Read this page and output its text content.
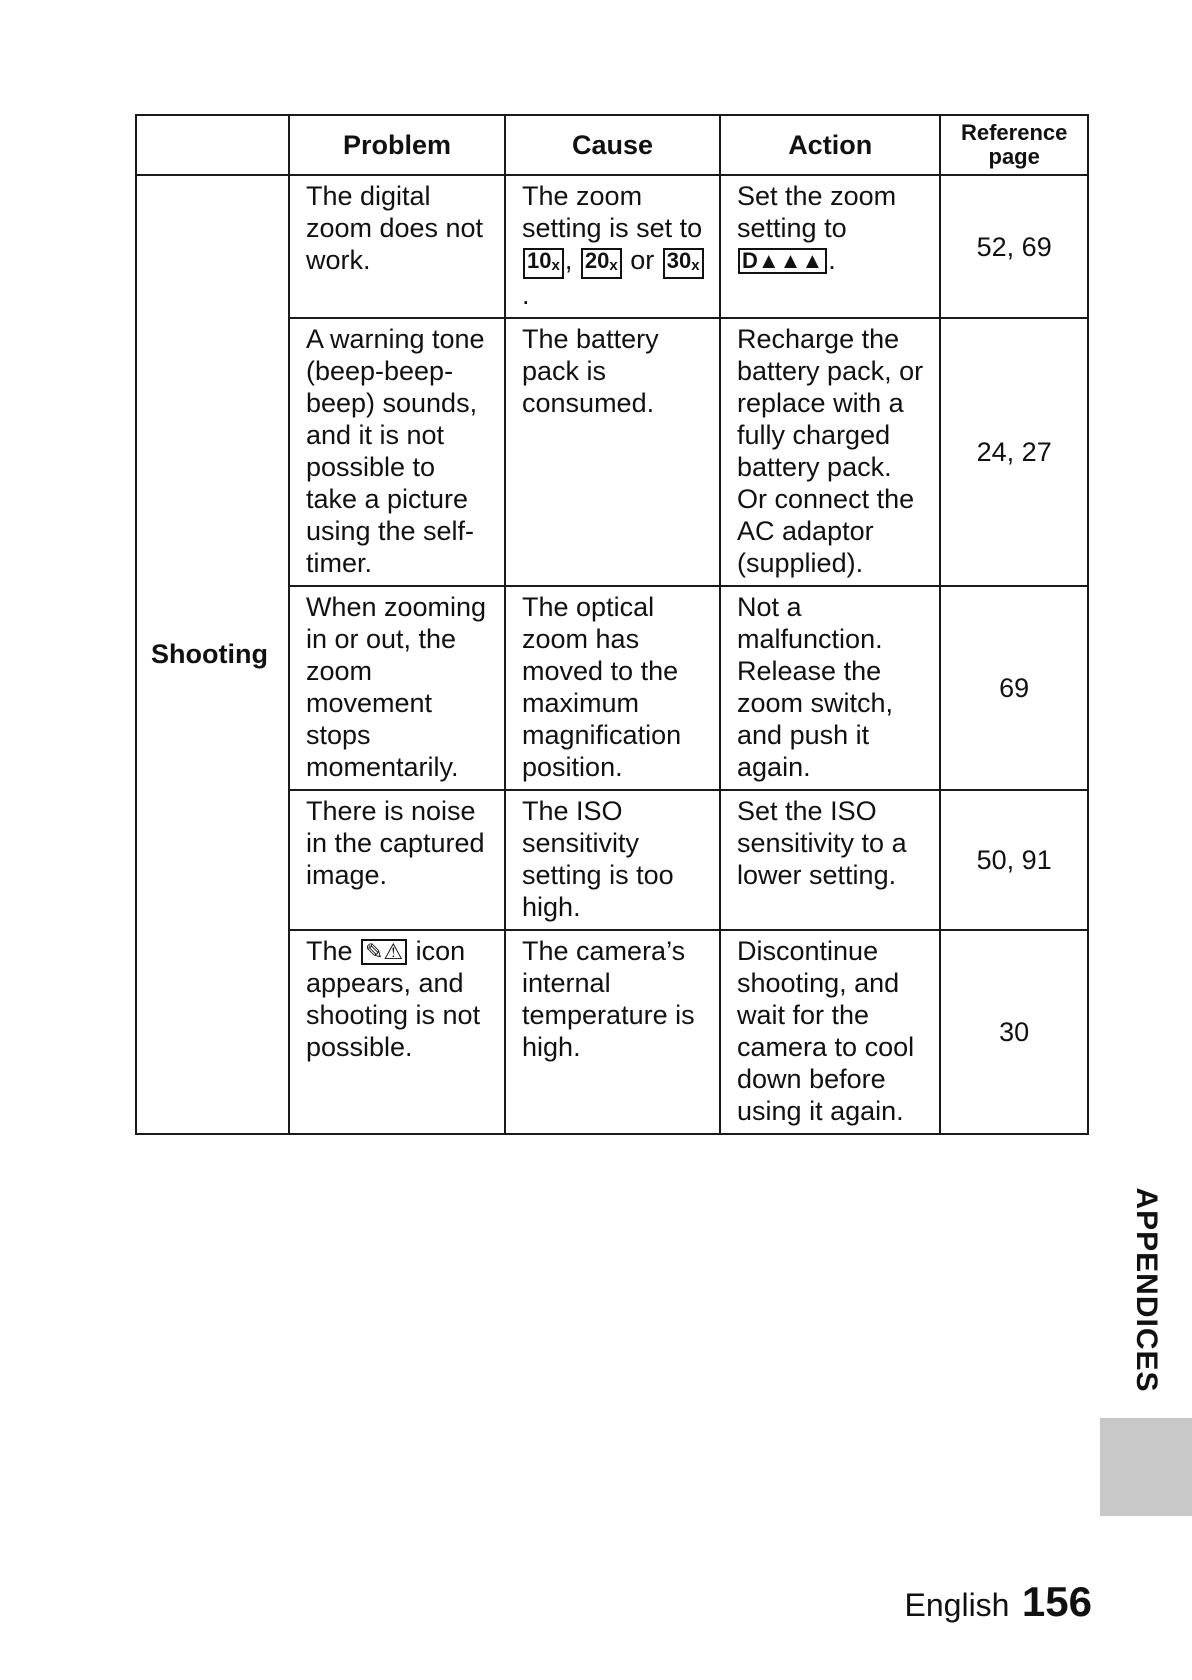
	Problem	Cause	Action	Reference page
Shooting	The digital zoom does not work.	The zoom setting is set to $10_x$ , $20_x$ or $30_x$.	Set the zoom setting to D▲▲▲ .	52, 69
	A warning tone (beep-beep-beep) sounds, and it is not possible to take a picture using the self-timer.	The battery pack is consumed.	Recharge the battery pack, or replace with a fully charged battery pack. Or connect the AC adaptor (supplied).	24, 27
	When zooming in or out, the zoom movement stops momentarily.	The optical zoom has moved to the maximum magnification position.	Not a malfunction. Release the zoom switch, and push it again.	69
	There is noise in the captured image.	The ISO sensitivity setting is too high.	Set the ISO sensitivity to a lower setting.	50, 91
	The ✎⚠ icon appears, and shooting is not possible.	The camera’s internal temperature is high.	Discontinue shooting, and wait for the camera to cool down before using it again.	30
APPENDICES
English 156
